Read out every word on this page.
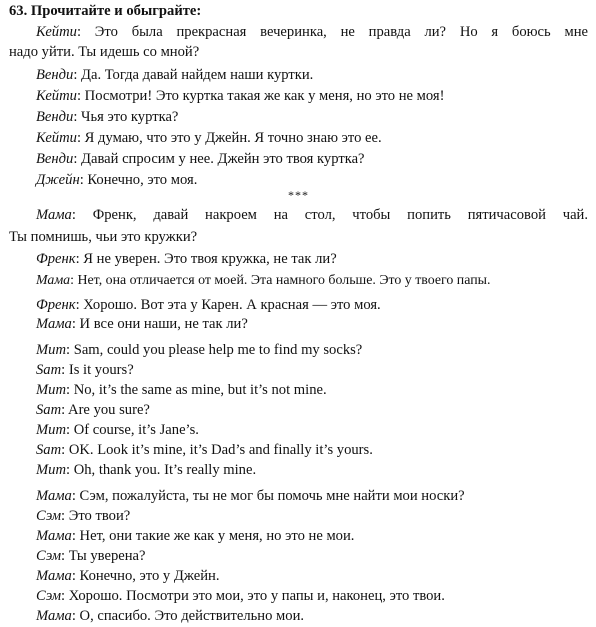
63. Прочитайте и обыграйте:
Кейти: Это была прекрасная вечеринка, не правда ли? Но я боюсь мне
надо уйти. Ты идешь со мной?
Венди: Да. Тогда давай найдем наши куртки.
Кейти: Посмотри! Это куртка такая же как у меня, но это не моя!
Венди: Чья это куртка?
Кейти: Я думаю, что это у Джейн. Я точно знаю это ее.
Венди: Давай спросим у нее. Джейн это твоя куртка?
Джейн: Конечно, это моя.
***
Мама: Френк, давай накроем на стол, чтобы попить пятичасовой чай.
Ты помнишь, чьи это кружки?
Френк: Я не уверен. Это твоя кружка, не так ли?
Мама: Нет, она отличается от моей. Эта намного больше. Это у твоего папы.
Френк: Хорошо. Вот эта у Карен. А красная — это моя.
Мама: И все они наши, не так ли?
Mum: Sam, could you please help me to find my socks?
Sam: Is it yours?
Mum: No, it’s the same as mine, but it’s not mine.
Sam: Are you sure?
Mum: Of course, it’s Jane’s.
Sam: OK. Look it’s mine, it’s Dad’s and finally it’s yours.
Mum: Oh, thank you. It’s really mine.
Мама: Сэм, пожалуйста, ты не мог бы помочь мне найти мои носки?
Сэм: Это твои?
Мама: Нет, они такие же как у меня, но это не мои.
Сэм: Ты уверена?
Мама: Конечно, это у Джейн.
Сэм: Хорошо. Посмотри это мои, это у папы и, наконец, это твои.
Мама: О, спасибо. Это действительно мои.
